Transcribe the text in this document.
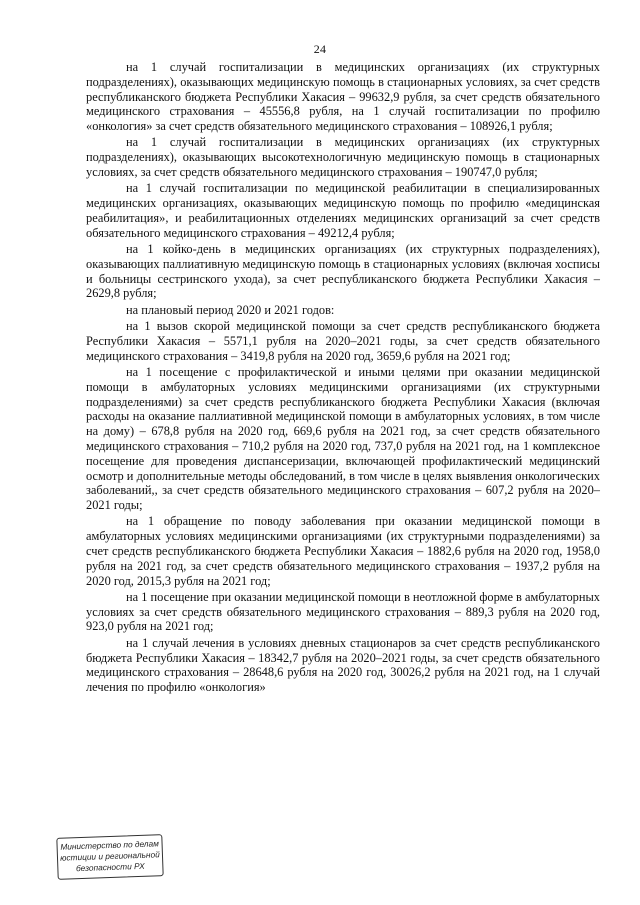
24

на 1 случай госпитализации в медицинских организациях (их структурных подразделениях), оказывающих медицинскую помощь в стационарных условиях, за счет средств республиканского бюджета Республики Хакасия – 99632,9 рубля, за счет средств обязательного медицинского страхования – 45556,8 рубля, на 1 случай госпитализации по профилю «онкология» за счет средств обязательного медицинского страхования – 108926,1 рубля;

на 1 случай госпитализации в медицинских организациях (их структурных подразделениях), оказывающих высокотехнологичную медицинскую помощь в стационарных условиях, за счет средств обязательного медицинского страхования – 190747,0 рубля;

на 1 случай госпитализации по медицинской реабилитации в специализированных медицинских организациях, оказывающих медицинскую помощь по профилю «медицинская реабилитация», и реабилитационных отделениях медицинских организаций за счет средств обязательного медицинского страхования – 49212,4 рубля;

на 1 койко-день в медицинских организациях (их структурных подразделениях), оказывающих паллиативную медицинскую помощь в стационарных условиях (включая хосписы и больницы сестринского ухода), за счет республиканского бюджета Республики Хакасия – 2629,8 рубля;

на плановый период 2020 и 2021 годов:

на 1 вызов скорой медицинской помощи за счет средств республиканского бюджета Республики Хакасия – 5571,1 рубля на 2020–2021 годы, за счет средств обязательного медицинского страхования – 3419,8 рубля на 2020 год, 3659,6 рубля на 2021 год;

на 1 посещение с профилактической и иными целями при оказании медицинской помощи в амбулаторных условиях медицинскими организациями (их структурными подразделениями) за счет средств республиканского бюджета Республики Хакасия (включая расходы на оказание паллиативной медицинской помощи в амбулаторных условиях, в том числе на дому) – 678,8 рубля на 2020 год, 669,6 рубля на 2021 год, за счет средств обязательного медицинского страхования – 710,2 рубля на 2020 год, 737,0 рубля на 2021 год, на 1 комплексное посещение для проведения диспансеризации, включающей профилактический медицинский осмотр и дополнительные методы обследований, в том числе в целях выявления онкологических заболеваний,, за счет средств обязательного медицинского страхования – 607,2 рубля на 2020–2021 годы;

на 1 обращение по поводу заболевания при оказании медицинской помощи в амбулаторных условиях медицинскими организациями (их структурными подразделениями) за счет средств республиканского бюджета Республики Хакасия – 1882,6 рубля на 2020 год, 1958,0 рубля на 2021 год, за счет средств обязательного медицинского страхования – 1937,2 рубля на 2020 год, 2015,3 рубля на 2021 год;

на 1 посещение при оказании медицинской помощи в неотложной форме в амбулаторных условиях за счет средств обязательного медицинского страхования – 889,3 рубля на 2020 год, 923,0 рубля на 2021 год;

на 1 случай лечения в условиях дневных стационаров за счет средств республиканского бюджета Республики Хакасия – 18342,7 рубля на 2020–2021 годы, за счет средств обязательного медицинского страхования – 28648,6 рубля на 2020 год, 30026,2 рубля на 2021 год, на 1 случай лечения по профилю «онкология»

Министерство по делам
юстиции и региональной
безопасности РХ
